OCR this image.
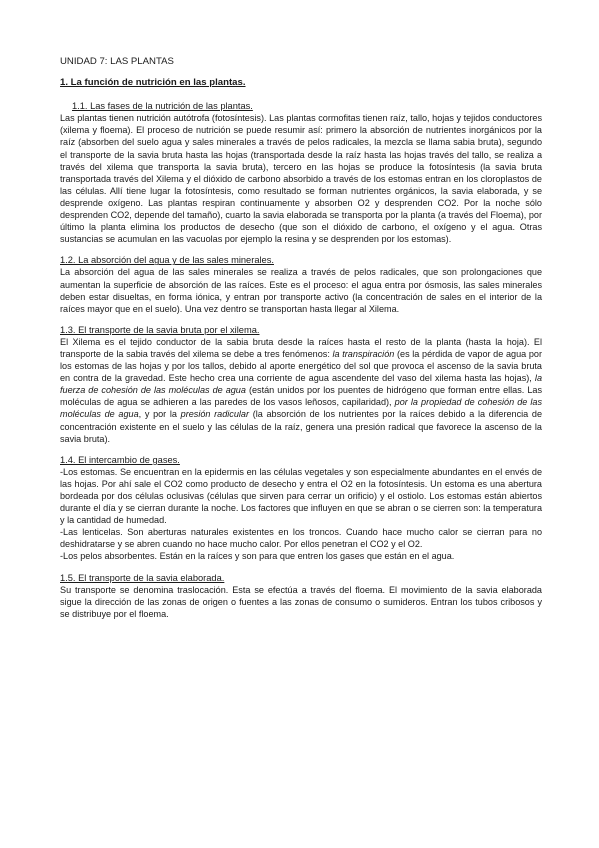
UNIDAD 7: LAS PLANTAS
1. La función de nutrición en las plantas.
1.1. Las fases de la nutrición de las plantas.

Las plantas tienen nutrición autótrofa (fotosíntesis). Las plantas cormofitas tienen raíz, tallo, hojas y tejidos conductores (xilema y floema). El proceso de nutrición se puede resumir así: primero la absorción de nutrientes inorgánicos por la raíz (absorben del suelo agua y sales minerales a través de pelos radicales, la mezcla se llama sabia bruta), segundo el transporte de la savia bruta hasta las hojas (transportada desde la raíz hasta las hojas través del tallo, se realiza a través del xilema que transporta la savia bruta), tercero en las hojas se produce la fotosíntesis (la savia bruta transportada través del Xilema y el dióxido de carbono absorbido a través de los estomas entran en los cloroplastos de las células. Allí tiene lugar la fotosíntesis, como resultado se forman nutrientes orgánicos, la savia elaborada, y se desprende oxígeno. Las plantas respiran continuamente y absorben O2 y desprenden CO2. Por la noche sólo desprenden CO2, depende del tamaño), cuarto la savia elaborada se transporta por la planta (a través del Floema), por último la planta elimina los productos de desecho (que son el dióxido de carbono, el oxígeno y el agua. Otras sustancias se acumulan en las vacuolas por ejemplo la resina y se desprenden por los estomas).

1.2. La absorción del agua y de las sales minerales.

La absorción del agua de las sales minerales se realiza a través de pelos radicales, que son prolongaciones que aumentan la superficie de absorción de las raíces. Este es el proceso: el agua entra por ósmosis, las sales minerales deben estar disueltas, en forma iónica, y entran por transporte activo (la concentración de sales en el interior de la raíces mayor que en el suelo). Una vez dentro se transportan hasta llegar al Xilema.

1.3. El transporte de la savia bruta por el xilema.

El Xilema es el tejido conductor de la sabia bruta desde la raíces hasta el resto de la planta (hasta la hoja). El transporte de la sabia través del xilema se debe a tres fenómenos: la transpiración (es la pérdida de vapor de agua por los estomas de las hojas y por los tallos, debido al aporte energético del sol que provoca el ascenso de la savia bruta en contra de la gravedad. Este hecho crea una corriente de agua ascendente del vaso del xilema hasta las hojas), la fuerza de cohesión de las moléculas de agua (están unidos por los puentes de hidrógeno que forman entre ellas. Las moléculas de agua se adhieren a las paredes de los vasos leñosos, capilaridad), por la propiedad de cohesión de las moléculas de agua, y por la presión radicular (la absorción de los nutrientes por la raíces debido a la diferencia de concentración existente en el suelo y las células de la raíz, genera una presión radical que favorece la ascenso de la savia bruta).

1.4. El intercambio de gases.

-Los estomas. Se encuentran en la epidermis en las células vegetales y son especialmente abundantes en el envés de las hojas. Por ahí sale el CO2 como producto de desecho y entra el O2 en la fotosíntesis. Un estoma es una abertura bordeada por dos células oclusivas (células que sirven para cerrar un orificio) y el ostiolo. Los estomas están abiertos durante el día y se cierran durante la noche. Los factores que influyen en que se abran o se cierren son: la temperatura y la cantidad de humedad.

-Las lenticelas. Son aberturas naturales existentes en los troncos. Cuando hace mucho calor se cierran para no deshidratarse y se abren cuando no hace mucho calor. Por ellos penetran el CO2 y el O2.

-Los pelos absorbentes. Están en la raíces y son para que entren los gases que están en el agua.

1.5. El transporte de la savia elaborada.

Su transporte se denomina traslocación. Esta se efectúa a través del floema. El movimiento de la savia elaborada sigue la dirección de las zonas de origen o fuentes a las zonas de consumo o sumideros. Entran los tubos cribosos y se distribuye por el floema.
